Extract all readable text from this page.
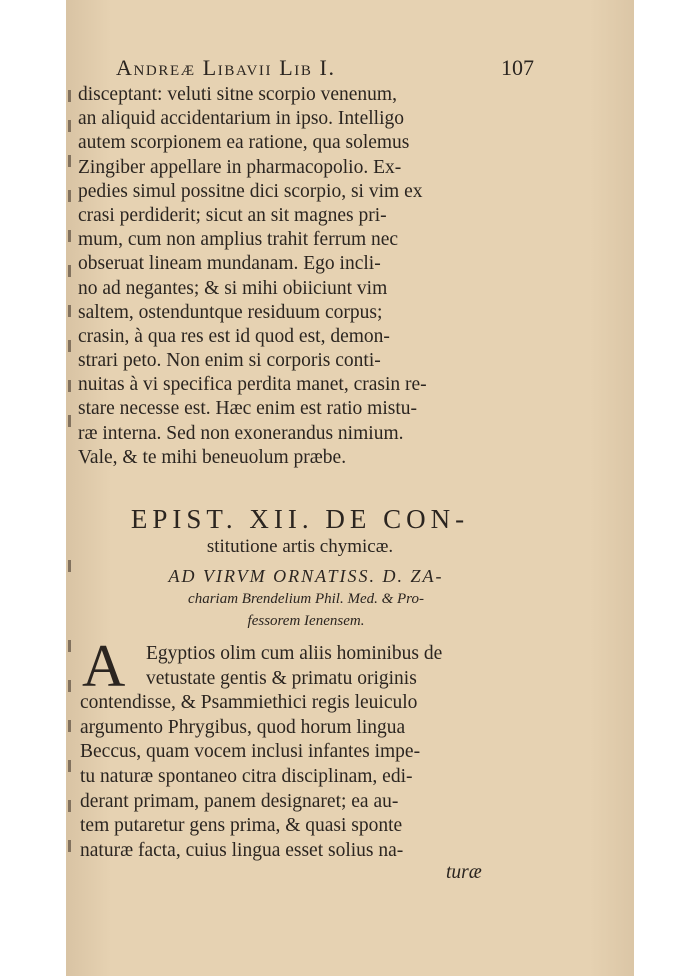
Andreæ Libavii Lib I.	107
disceptant: veluti sitne scorpio venenum,
an aliquid accidentarium in ipso. Intelligo
autem scorpionem ea ratione, qua solemus
Zingiber appellare in pharmacopolio. Ex-
pedies simul possitne dici scorpio, si vim ex
crasi perdiderit; sicut an sit magnes pri-
mum, cum non amplius trahit ferrum nec
obseruat lineam mundanam. Ego incli-
no ad negantes; & si mihi obiiciunt vim
saltem, ostenduntque residuum corpus;
crasin, à qua res est id quod est, demon-
strari peto. Non enim si corporis conti-
nuitas à vi specifica perdita manet, crasin re-
stare necesse est. Hæc enim est ratio mistu-
ræ interna. Sed non exonerandus nimium.
Vale, & te mihi beneuolum præbe.
EPIST. XII. DE CON-
stitutione artis chymicæ.
AD VIRVM ORNATISS. D. ZA-
chariam Brendelium Phil. Med. & Pro-
fessorem Ienensem.
A	Egyptios olim cum aliis hominibus de
vetustate gentis & primatu originis
contendisse, & Psammiethici regis leuiculo
argumento Phrygibus, quod horum lingua
Beccus, quam vocem inclusi infantes impe-
tu naturæ spontaneo citra disciplinam, edi-
derant primam, panem designaret; ea au-
tem putaretur gens prima, & quasi sponte
naturæ facta, cuius lingua esset solius na-
turæ
